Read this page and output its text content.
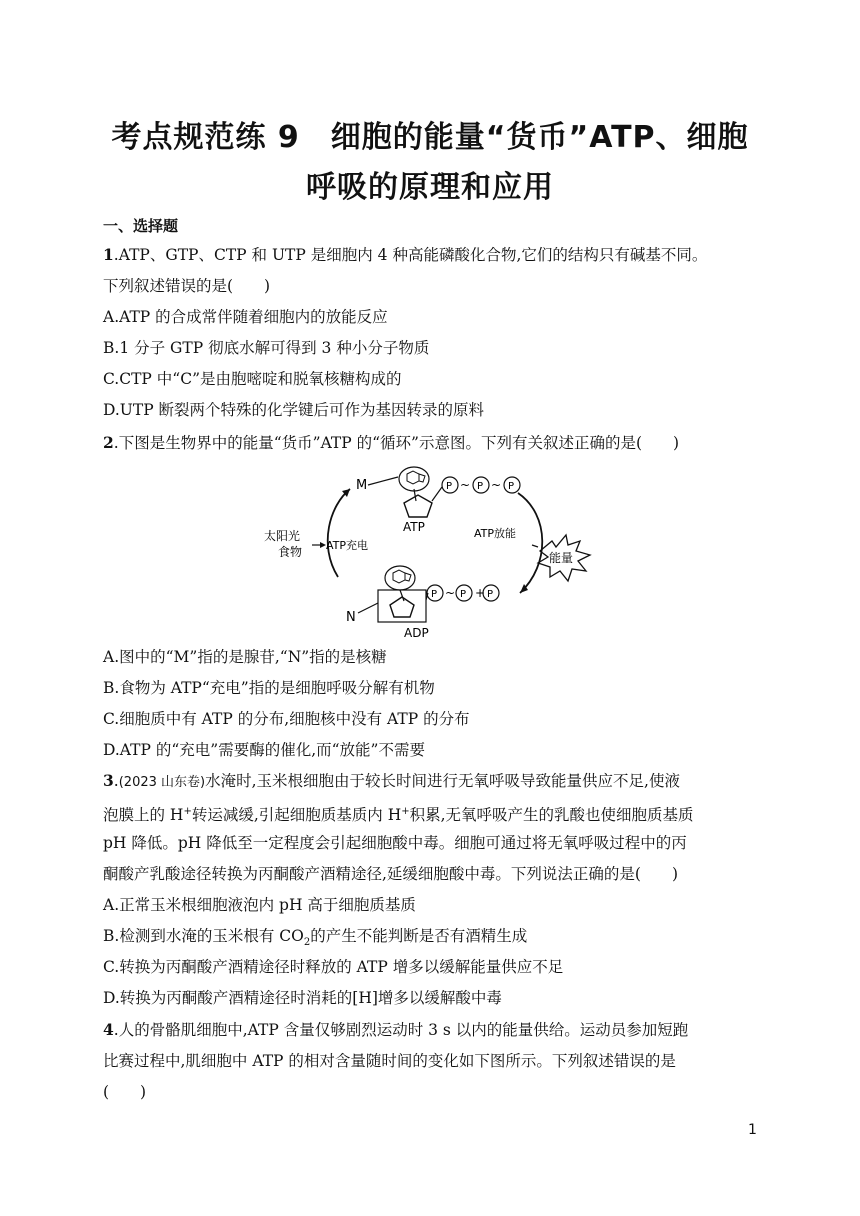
考点规范练 9　细胞的能量“货币”ATP、细胞
呼吸的原理和应用
一、选择题
1.ATP、GTP、CTP 和 UTP 是细胞内 4 种高能磷酸化合物,它们的结构只有碱基不同。
下列叙述错误的是(　　)
A.ATP 的合成常伴随着细胞内的放能反应
B.1 分子 GTP 彻底水解可得到 3 种小分子物质
C.CTP 中“C”是由胞嘧啶和脱氧核糖构成的
D.UTP 断裂两个特殊的化学键后可作为基因转录的原料
2.下图是生物界中的能量“货币”ATP 的“循环”示意图。下列有关叙述正确的是(　　)
M	P ~ P ~ P
ATP
太阳光
食物 ATP充电
ATP放能
能量
N
P ~ P + P
ADP
A.图中的“M”指的是腺苷,“N”指的是核糖
B.食物为 ATP“充电”指的是细胞呼吸分解有机物
C.细胞质中有 ATP 的分布,细胞核中没有 ATP 的分布
D.ATP 的“充电”需要酶的催化,而“放能”不需要
3.(2023 山东卷)水淹时,玉米根细胞由于较长时间进行无氧呼吸导致能量供应不足,使液
泡膜上的 H+转运减缓,引起细胞质基质内 H+积累,无氧呼吸产生的乳酸也使细胞质基质
pH 降低。pH 降低至一定程度会引起细胞酸中毒。细胞可通过将无氧呼吸过程中的丙
酮酸产乳酸途径转换为丙酮酸产酒精途径,延缓细胞酸中毒。下列说法正确的是(　　)
A.正常玉米根细胞液泡内 pH 高于细胞质基质
B.检测到水淹的玉米根有 $CO_2$的产生不能判断是否有酒精生成
C.转换为丙酮酸产酒精途径时释放的 ATP 增多以缓解能量供应不足
D.转换为丙酮酸产酒精途径时消耗的[H]增多以缓解酸中毒
4.人的骨骼肌细胞中,ATP 含量仅够剧烈运动时 3 s 以内的能量供给。运动员参加短跑
比赛过程中,肌细胞中 ATP 的相对含量随时间的变化如下图所示。下列叙述错误的是
(　　)
1
